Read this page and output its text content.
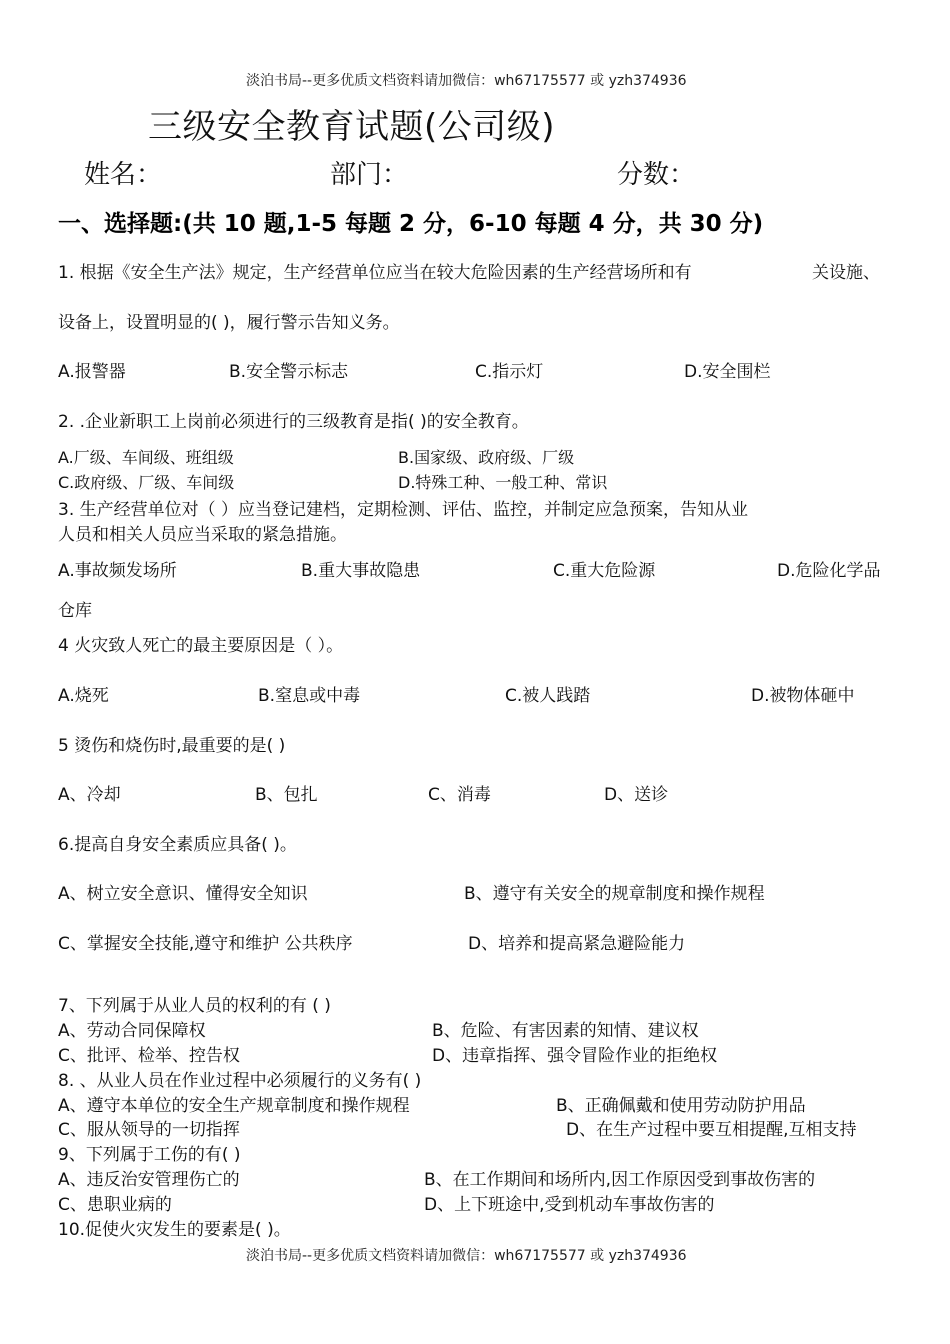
淡泊书局--更多优质文档资料请加微信：wh67175577 或 yzh374936
三级安全教育试题(公司级)
姓名：	部门：	分数：
一、选择题:(共 10 题,1-5 每题 2 分，6-10 每题 4 分，共 30 分)
1. 根据《安全生产法》规定，生产经营单位应当在较大危险因素的生产经营场所和有	关设施、
设备上，设置明显的( )，履行警示告知义务。
A.报警器	B.安全警示标志	C.指示灯	D.安全围栏
2. .企业新职工上岗前必须进行的三级教育是指( )的安全教育。
A.厂级、车间级、班组级	B.国家级、政府级、厂级
C.政府级、厂级、车间级	D.特殊工种、一般工种、常识
3. 生产经营单位对（ ）应当登记建档，定期检测、评估、监控，并制定应急预案，告知从业
人员和相关人员应当采取的紧急措施。
A.事故频发场所	B.重大事故隐患	C.重大危险源	D.危险化学品
仓库
4 火灾致人死亡的最主要原因是（ ）。
A.烧死	B.窒息或中毒	C.被人践踏	D.被物体砸中
5 烫伤和烧伤时,最重要的是( )
A、冷却	B、包扎	C、消毒	D、送诊
6.提高自身安全素质应具备( )。
A、树立安全意识、懂得安全知识	B、遵守有关安全的规章制度和操作规程
C、掌握安全技能,遵守和维护 公共秩序	D、培养和提高紧急避险能力
7、下列属于从业人员的权利的有 ( )
A、劳动合同保障权	B、危险、有害因素的知情、建议权
C、批评、检举、控告权	D、违章指挥、强令冒险作业的拒绝权
8. 、从业人员在作业过程中必须履行的义务有( )
A、遵守本单位的安全生产规章制度和操作规程	B、正确佩戴和使用劳动防护用品
C、服从领导的一切指挥	D、在生产过程中要互相提醒,互相支持
9、下列属于工伤的有( )
A、违反治安管理伤亡的	B、在工作期间和场所内,因工作原因受到事故伤害的
C、患职业病的	D、上下班途中,受到机动车事故伤害的
10.促使火灾发生的要素是( )。
淡泊书局--更多优质文档资料请加微信：wh67175577 或 yzh374936
